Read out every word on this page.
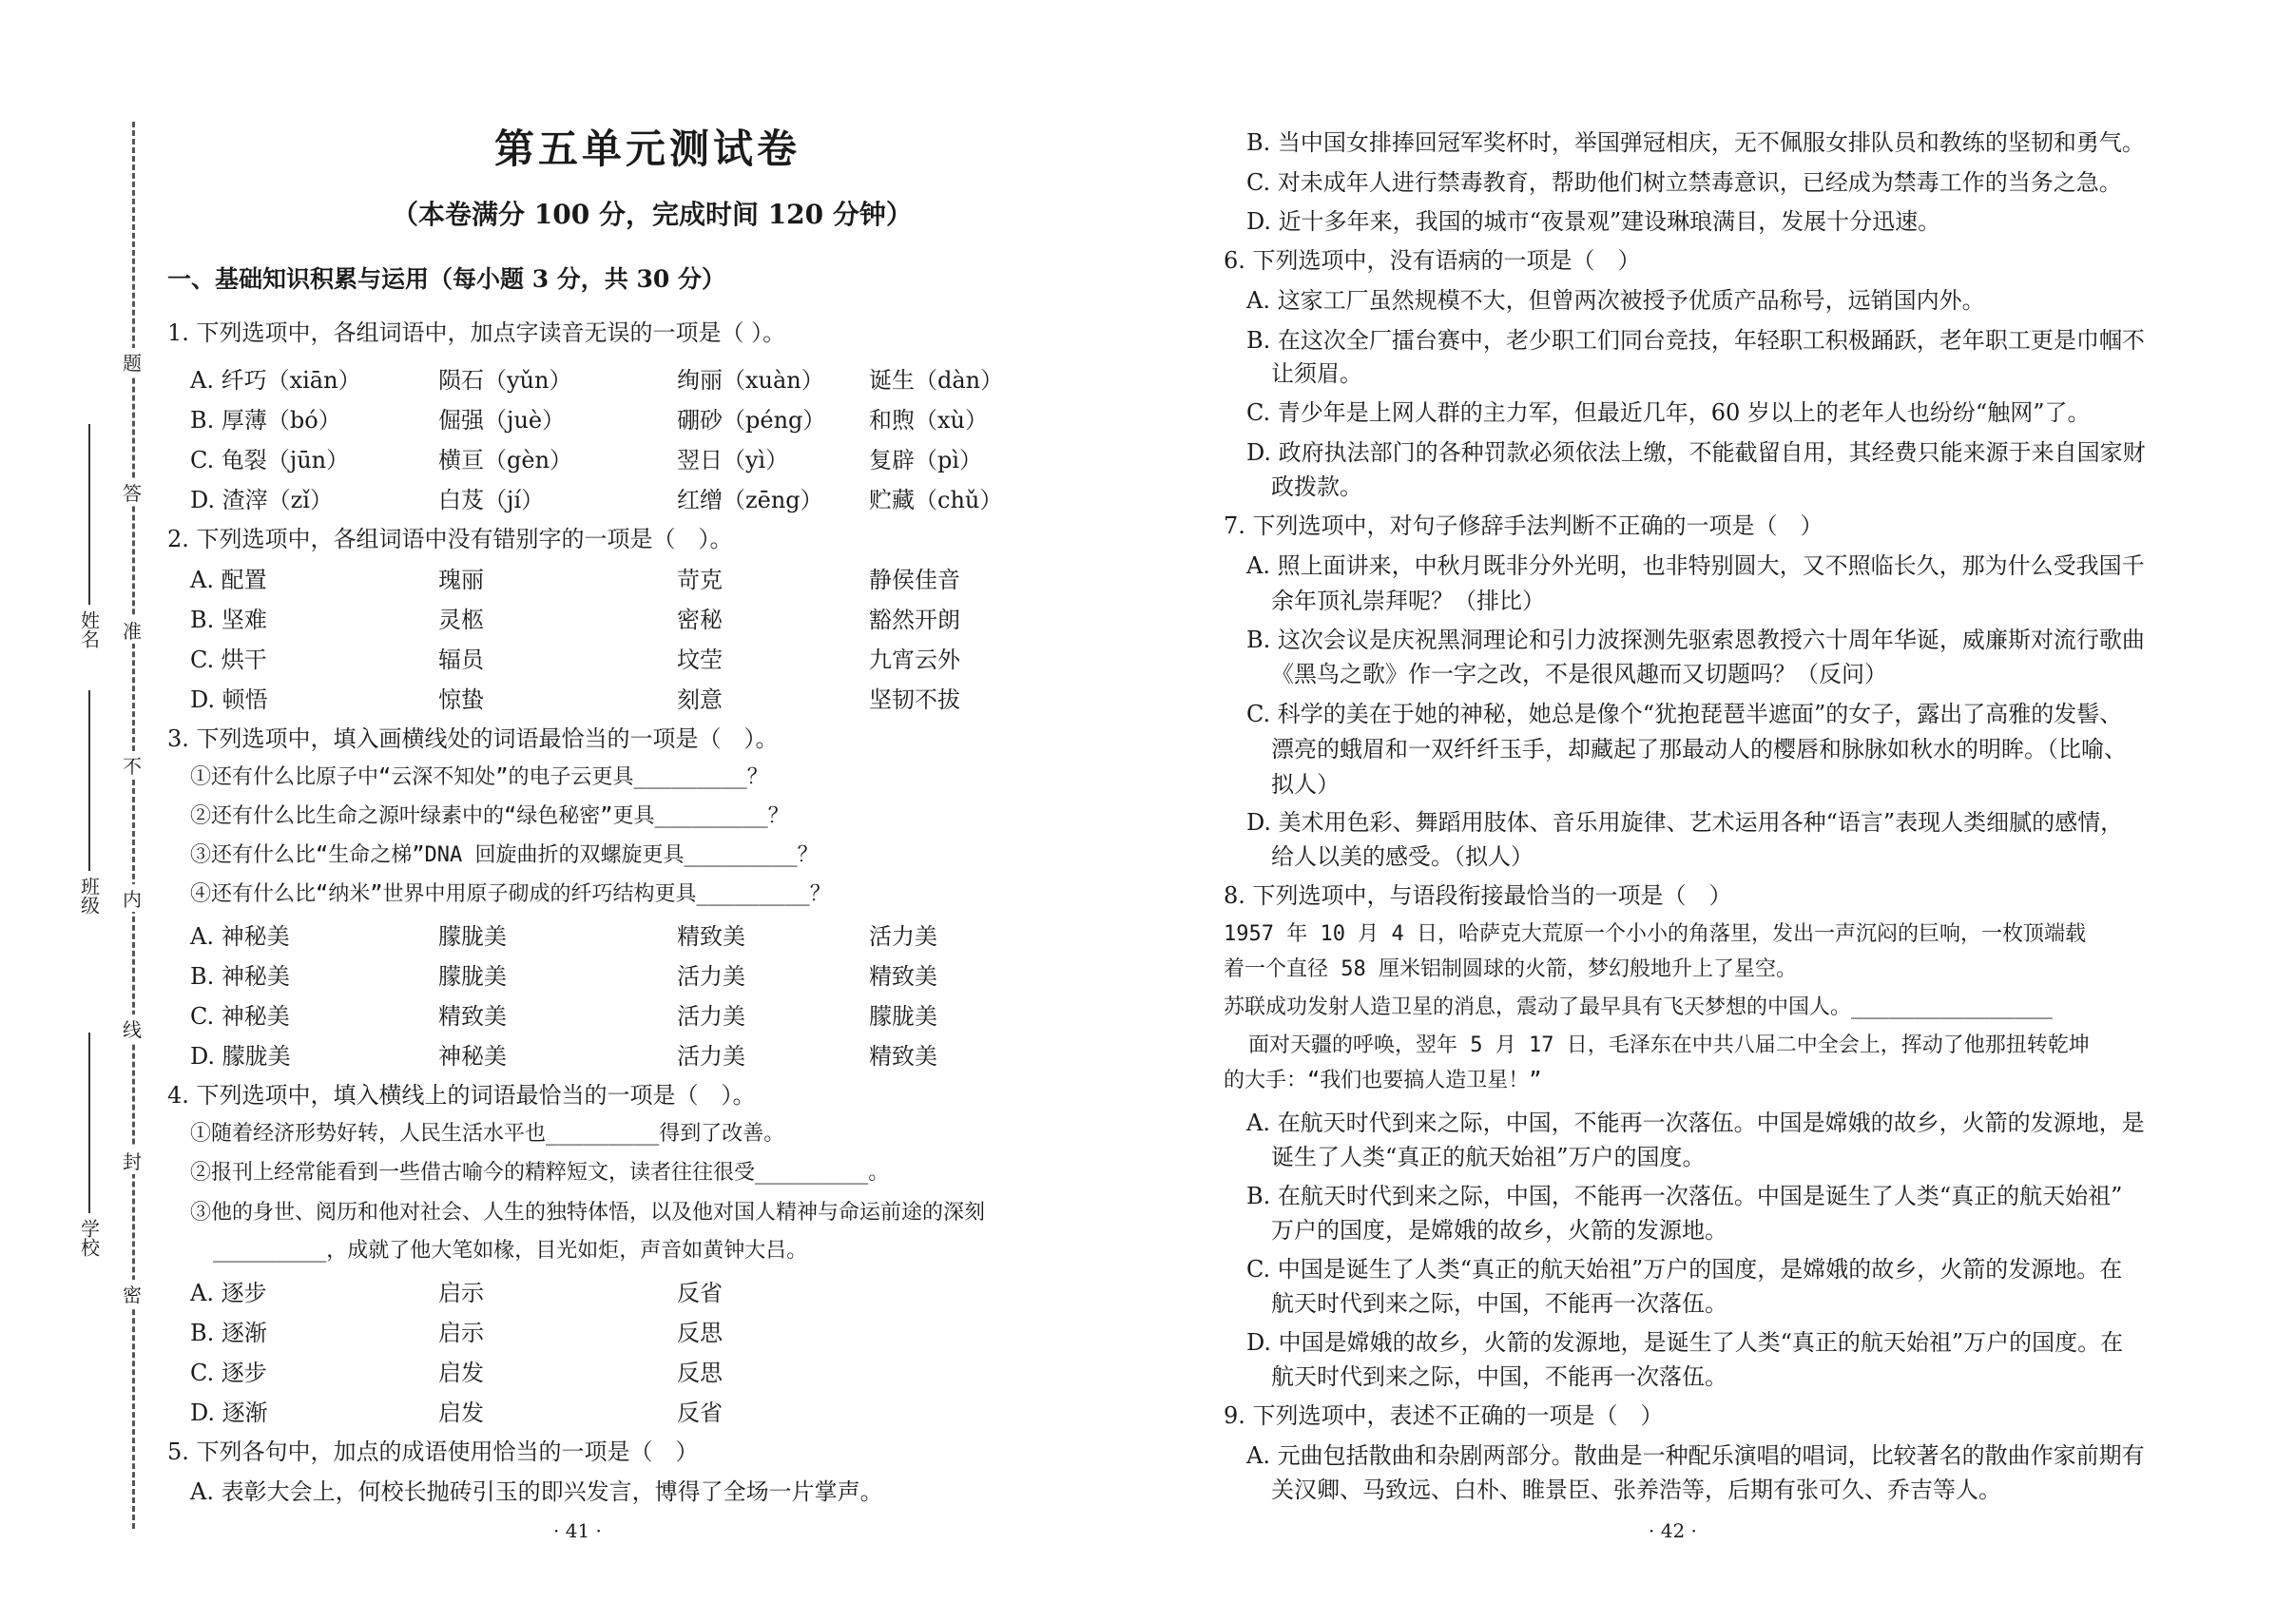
题
答
准
不
内
线
封
密
姓名
班级
学校
第五单元测试卷
（本卷满分 100 分，完成时间 120 分钟）
一、基础知识积累与运用（每小题 3 分，共 30 分）
1. 下列选项中，各组词语中，加点字读音无误的一项是（ ）。
A. 纤巧（xiān）	陨石（yǔn）	绚丽（xuàn） 诞生（dàn）
B. 厚薄（bó）	倔强（juè）	硼砂（péng） 和煦（xù）
C. 龟裂（jūn）	横亘（gèn）	翌日（yì）	复辟（pì）
D. 渣滓（zǐ）	白芨（jí）	红缯（zēng） 贮藏（chǔ）
2. 下列选项中，各组词语中没有错别字的一项是（　）。
A. 配置	瑰丽	苛克	静侯佳音
B. 坚难	灵柩	密秘	豁然开朗
C. 烘干	辐员	坟茔	九宵云外
D. 顿悟	惊蛰	刻意	坚韧不拔
3. 下列选项中，填入画横线处的词语最恰当的一项是（　）。
①还有什么比原子中“云深不知处”的电子云更具_________？
②还有什么比生命之源叶绿素中的“绿色秘密”更具_________？
③还有什么比“生命之梯”DNA 回旋曲折的双螺旋更具_________？
④还有什么比“纳米”世界中用原子砌成的纤巧结构更具_________？
A. 神秘美	朦胧美	精致美	活力美
B. 神秘美	朦胧美	活力美	精致美
C. 神秘美	精致美	活力美	朦胧美
D. 朦胧美	神秘美	活力美	精致美
4. 下列选项中，填入横线上的词语最恰当的一项是（　）。
①随着经济形势好转，人民生活水平也_________得到了改善。
②报刊上经常能看到一些借古喻今的精粹短文，读者往往很受_________。
③他的身世、阅历和他对社会、人生的独特体悟，以及他对国人精神与命运前途的深刻
_________，成就了他大笔如椽，目光如炬，声音如黄钟大吕。
A. 逐步	启示	反省
B. 逐渐	启示	反思
C. 逐步	启发	反思
D. 逐渐	启发	反省
5. 下列各句中，加点的成语使用恰当的一项是（　）
A. 表彰大会上，何校长抛砖引玉的即兴发言，博得了全场一片掌声。
· 41 ·
B. 当中国女排捧回冠军奖杯时，举国弹冠相庆，无不佩服女排队员和教练的坚韧和勇气。
C. 对未成年人进行禁毒教育，帮助他们树立禁毒意识，已经成为禁毒工作的当务之急。
D. 近十多年来，我国的城市“夜景观”建设琳琅满目，发展十分迅速。
6. 下列选项中，没有语病的一项是（　）
A. 这家工厂虽然规模不大，但曾两次被授予优质产品称号，远销国内外。
B. 在这次全厂擂台赛中，老少职工们同台竞技，年轻职工积极踊跃，老年职工更是巾帼不
让须眉。
C. 青少年是上网人群的主力军，但最近几年，60 岁以上的老年人也纷纷“触网”了。
D. 政府执法部门的各种罚款必须依法上缴，不能截留自用，其经费只能来源于来自国家财
政拨款。
7. 下列选项中，对句子修辞手法判断不正确的一项是（　）
A. 照上面讲来，中秋月既非分外光明，也非特别圆大，又不照临长久，那为什么受我国千
余年顶礼崇拜呢？（排比）
B. 这次会议是庆祝黑洞理论和引力波探测先驱索恩教授六十周年华诞，威廉斯对流行歌曲
《黑鸟之歌》作一字之改，不是很风趣而又切题吗？（反问）
C. 科学的美在于她的神秘，她总是像个“犹抱琵琶半遮面”的女子，露出了高雅的发髻、
漂亮的蛾眉和一双纤纤玉手，却藏起了那最动人的樱唇和脉脉如秋水的明眸。（比喻、
拟人）
D. 美术用色彩、舞蹈用肢体、音乐用旋律、艺术运用各种“语言”表现人类细腻的感情，
给人以美的感受。（拟人）
8. 下列选项中，与语段衔接最恰当的一项是（　）
1957 年 10 月 4 日，哈萨克大荒原一个小小的角落里，发出一声沉闷的巨响，一枚顶端载
着一个直径 58 厘米铝制圆球的火箭，梦幻般地升上了星空。
苏联成功发射人造卫星的消息，震动了最早具有飞天梦想的中国人。________________
面对天疆的呼唤，翌年 5 月 17 日，毛泽东在中共八届二中全会上，挥动了他那扭转乾坤
的大手：“我们也要搞人造卫星！”
A. 在航天时代到来之际，中国，不能再一次落伍。中国是嫦娥的故乡，火箭的发源地，是
诞生了人类“真正的航天始祖”万户的国度。
B. 在航天时代到来之际，中国，不能再一次落伍。中国是诞生了人类“真正的航天始祖”
万户的国度，是嫦娥的故乡，火箭的发源地。
C. 中国是诞生了人类“真正的航天始祖”万户的国度，是嫦娥的故乡，火箭的发源地。在
航天时代到来之际，中国，不能再一次落伍。
D. 中国是嫦娥的故乡，火箭的发源地，是诞生了人类“真正的航天始祖”万户的国度。在
航天时代到来之际，中国，不能再一次落伍。
9. 下列选项中，表述不正确的一项是（　）
A. 元曲包括散曲和杂剧两部分。散曲是一种配乐演唱的唱词，比较著名的散曲作家前期有
关汉卿、马致远、白朴、睢景臣、张养浩等，后期有张可久、乔吉等人。
· 42 ·
